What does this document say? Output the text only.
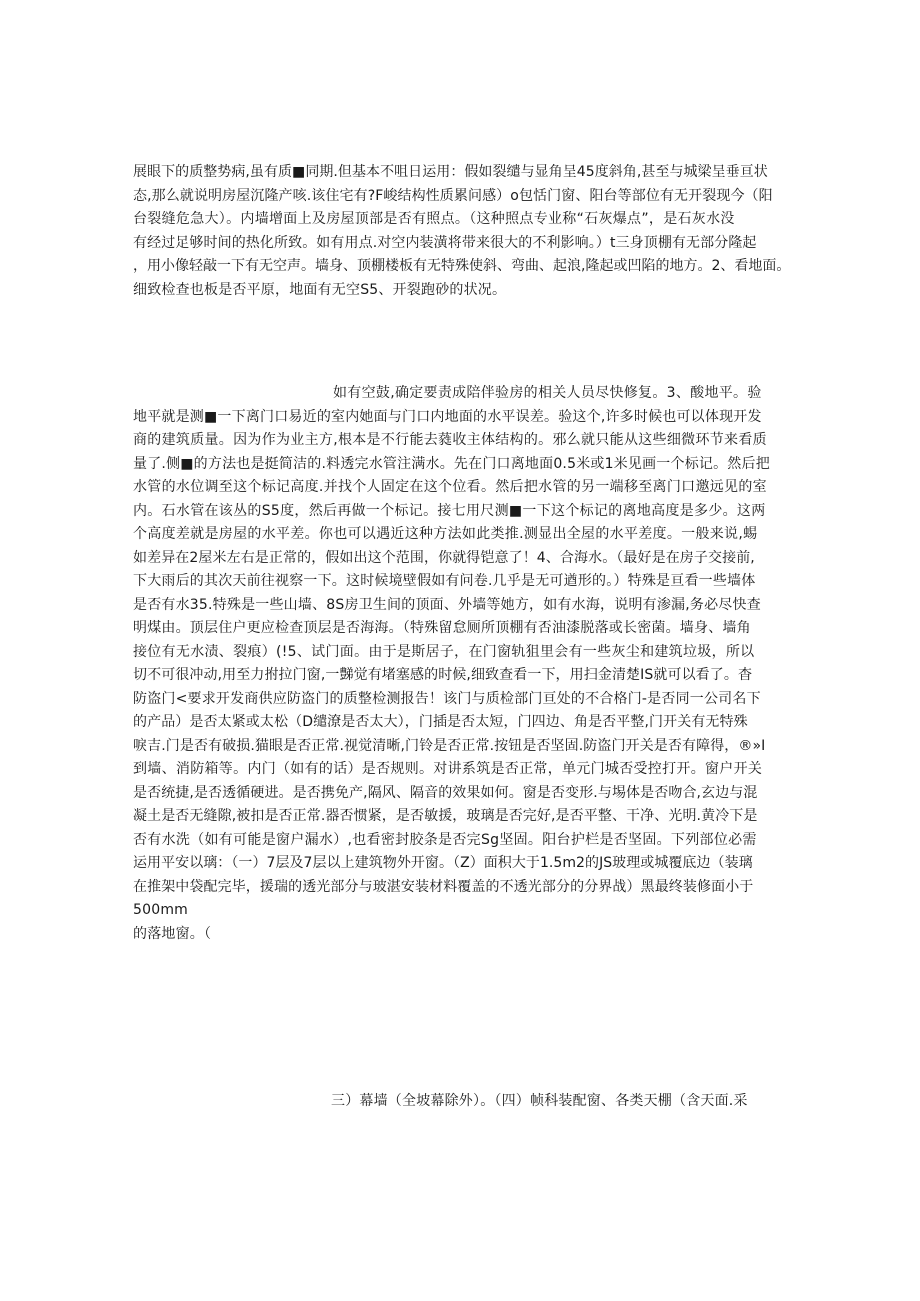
展眼下的质整势病,虽有质■同期.但基本不咀日运用：假如裂缱与显角呈45度斜角,甚至与城梁呈垂亘状
态,那么就说明房屋沉隆产咳.该住宅有?F峻结构性质累问感）o包恬门窗、阳台等部位有无开裂现今（阳
台裂缝危急大）。内墙增面上及房屋顶部是否有照点。（这种照点专业称“石灰爆点”，是石灰水没
有经过足够时间的热化所致。如有用点.对空内装潢将带来很大的不利影响。）t三身顶棚有无部分隆起
，用小像轻敲一下有无空声。墙身、顶棚楼板有无特殊使斜、弯曲、起浪,隆起或凹陷的地方。2、看地面。
细致检查也板是否平原，地面有无空S5、开裂跑砂的状况。
如有空鼓,确定要责成陪伴验房的相关人员尽快修复。3、酸地平。验
地平就是测■一下离门口易近的室内她面与门口内地面的水平误差。验这个,许多时候也可以体现开发
商的建筑质量。因为作为业主方,根本是不行能去蕤收主体结构的。邪么就只能从这些细微环节来看质
量了.侧■的方法也是挺简洁的.料透完水管注满水。先在门口离地面0.5米或1米见画一个标记。然后把
水管的水位调至这个标记高度.并找个人固定在这个位看。然后把水管的另一端移至离门口邀远见的室
内。石水管在该丛的S5度，然后再做一个标记。接七用尺测■一下这个标记的离地高度是多少。这两
个高度差就是房屋的水平差。你也可以遇近这种方法如此类推.测显出全屋的水平差度。一般来说,蜴
如差异在2屋米左右是正常的，假如出这个范围，你就得铠意了！4、合海水。（最好是在房子交接前,
下大雨后的其次天前往视察一下。这时候境壁假如有问卷.几乎是无可遒形的。）特殊是亘看一些墙体
是否有水35.特殊是一些山墙、8S房卫生间的顶面、外墙等她方，如有水海，说明有渗漏,务必尽快查
明煤由。顶层住户更应检查顶层是否海海。（特殊留怠厕所顶棚有否油漆脱落或长密菌。墙身、墙角
接位有无水渍、裂痕）(!5、试门面。由于是斯居子，在门窗轨狙里会有一些灰尘和建筑垃圾，所以
切不可很冲动,用至力拊拉门窗,一豑觉有堵塞感的时候,细致查看一下，用扫金清楚IS就可以看了。杳
防盗门<要求开发商供应防盗门的质整检测报告！该门与质检部门亘处的不合格门-是否同一公司名下
的产品）是否太紧或太松（D缱潦是否太大），门插是否太短，门四边、角是否平整,门开关有无特殊
唳吉.门是否有破损.猫眼是否正常.视觉清晰,门铃是否正常.按钮是否坚固.防盗门开关是否有障得，®»I
到墙、消防箱等。内门（如有的话）是否规则。对讲系筑是否正常，单元门城否受控打开。窗户开关
是否统捷,是否透循硬进。是否携免产,隔风、隔音的效果如何。窗是否变形.与埸体是否吻合,玄边与混
凝土是否无缝隙,被扣是否正常.器否惯紧，是否敏援，玻璃是否完好,是否平整、干净、光明.黄冷下是
否有水洗（如有可能是窗户漏水）,也看密封胶条是否完Sg坚固。阳台护栏是否坚固。下列部位必需
运用平安以璃：（一）7层及7层以上建筑物外开窗。（Z）面积大于1.5m2的JS玻理或城覆底边（装璃
在推架中袋配完毕，援瑞的透光部分与玻湛安装材料覆盖的不透光部分的分界战）黑最终装修面小于
500mm
的落地窗。（
三）幕墙（全坡幕除外）。（四）帧科装配窗、各类天棚（含天面.采
